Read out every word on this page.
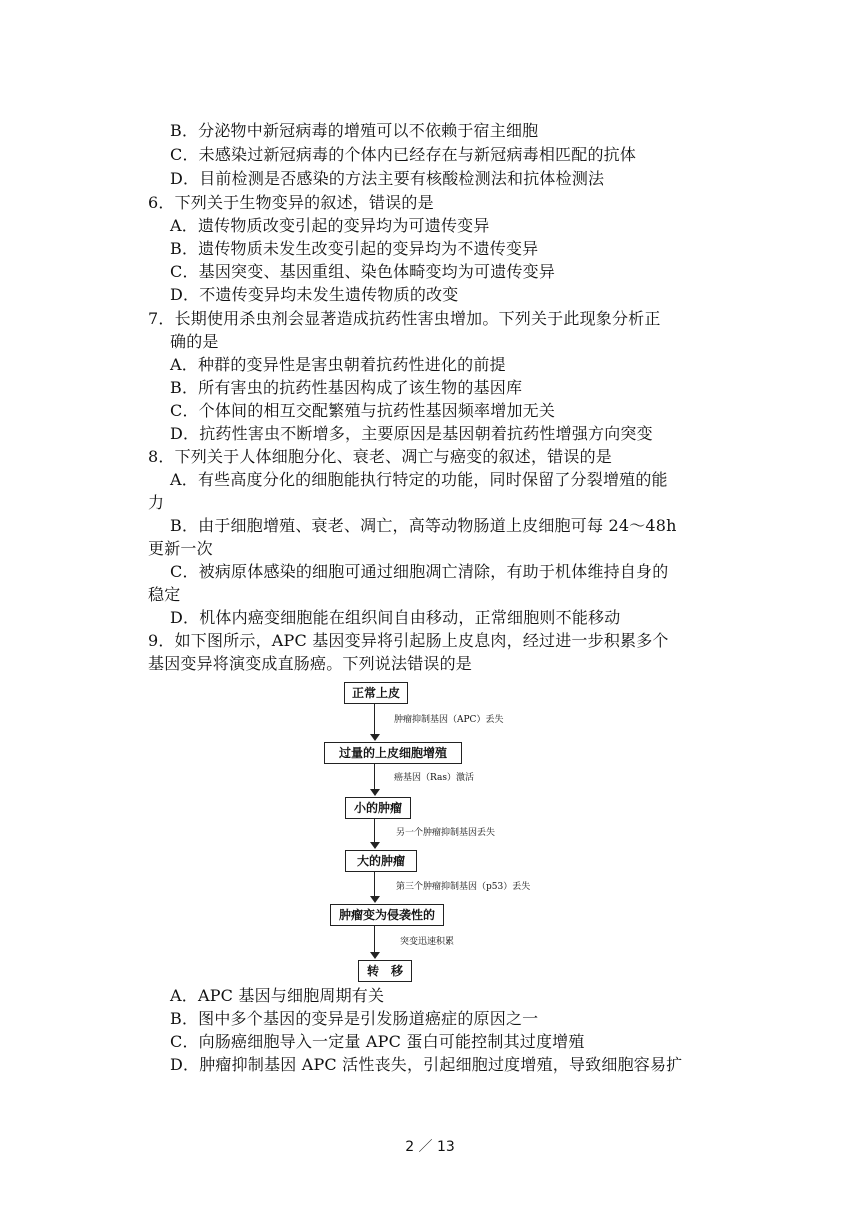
B．分泌物中新冠病毒的增殖可以不依赖于宿主细胞
C．未感染过新冠病毒的个体内已经存在与新冠病毒相匹配的抗体
D．目前检测是否感染的方法主要有核酸检测法和抗体检测法
6．下列关于生物变异的叙述，错误的是
A．遗传物质改变引起的变异均为可遗传变异
B．遗传物质未发生改变引起的变异均为不遗传变异
C．基因突变、基因重组、染色体畸变均为可遗传变异
D．不遗传变异均未发生遗传物质的改变
7．长期使用杀虫剂会显著造成抗药性害虫增加。下列关于此现象分析正
确的是
A．种群的变异性是害虫朝着抗药性进化的前提
B．所有害虫的抗药性基因构成了该生物的基因库
C．个体间的相互交配繁殖与抗药性基因频率增加无关
D．抗药性害虫不断增多，主要原因是基因朝着抗药性增强方向突变
8．下列关于人体细胞分化、衰老、凋亡与癌变的叙述，错误的是
A．有些高度分化的细胞能执行特定的功能，同时保留了分裂增殖的能
力
B．由于细胞增殖、衰老、凋亡，高等动物肠道上皮细胞可每 24～48h
更新一次
C．被病原体感染的细胞可通过细胞凋亡清除，有助于机体维持自身的
稳定
D．机体内癌变细胞能在组织间自由移动，正常细胞则不能移动
9．如下图所示，APC 基因变异将引起肠上皮息肉，经过进一步积累多个
基因变异将演变成直肠癌。下列说法错误的是
正常上皮
过量的上皮细胞增殖
小的肿瘤
大的肿瘤
肿瘤变为侵袭性的
转　移
肿瘤抑制基因（APC）丢失
癌基因（Ras）激活
另一个肿瘤抑制基因丢失
第三个肿瘤抑制基因（p53）丢失
突变迅速积累
A．APC 基因与细胞周期有关
B．图中多个基因的变异是引发肠道癌症的原因之一
C．向肠癌细胞导入一定量 APC 蛋白可能控制其过度增殖
D．肿瘤抑制基因 APC 活性丧失，引起细胞过度增殖，导致细胞容易扩
2 ／ 13
